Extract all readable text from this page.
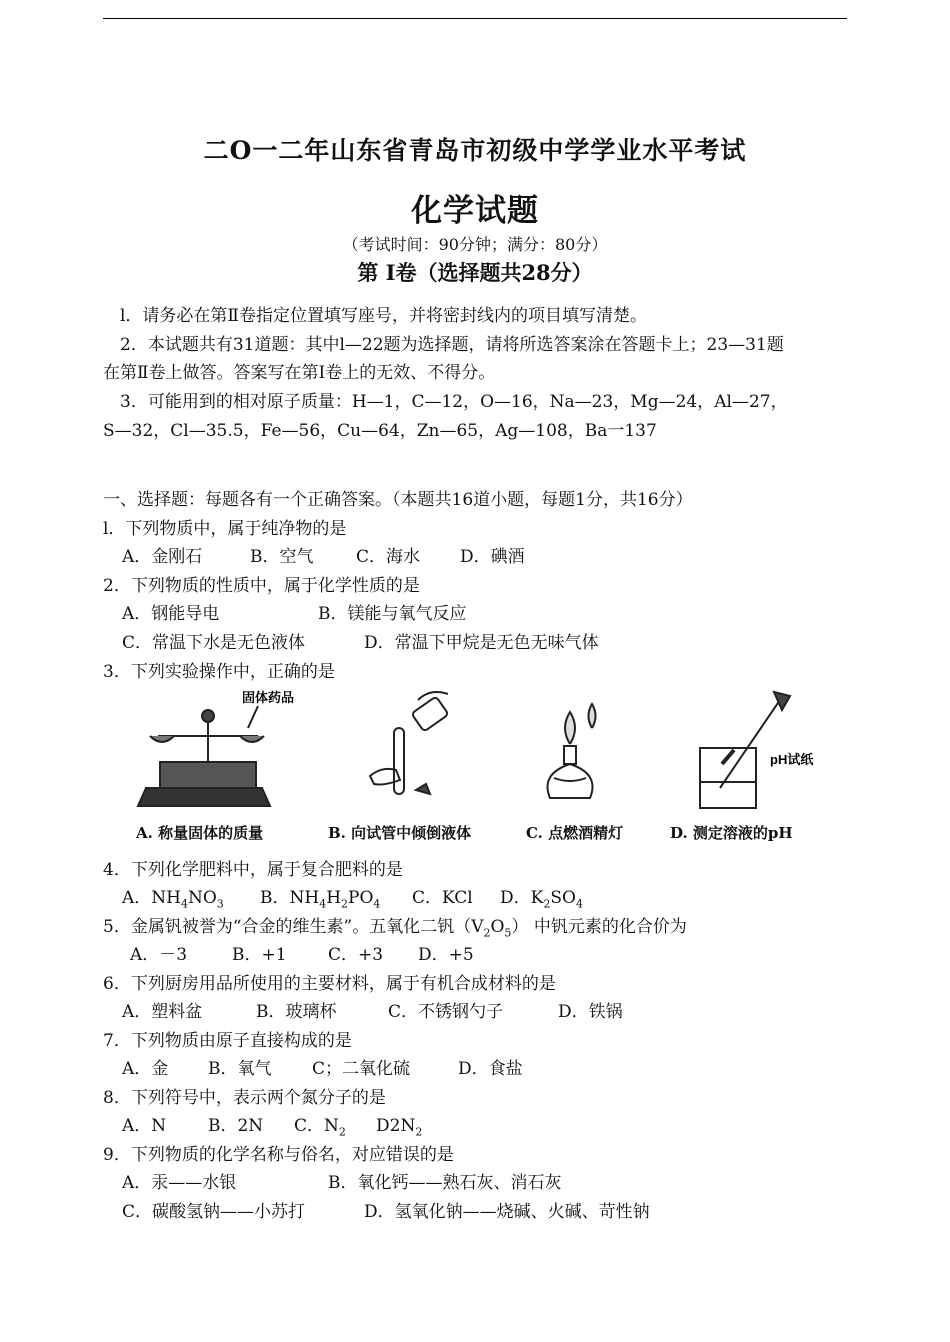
二O一二年山东省青岛市初级中学学业水平考试
化学试题
（考试时间：90分钟；满分：80分）
第 Ⅰ卷（选择题共28分）
l．请务必在第Ⅱ卷指定位置填写座号，并将密封线内的项目填写清楚。
2．本试题共有31道题：其中l—22题为选择题，请将所选答案涂在答题卡上；23—31题
在第Ⅱ卷上做答。答案写在第Ⅰ卷上的无效、不得分。
3．可能用到的相对原子质量：H—1，C—12，O—16，Na—23，Mg—24，Al—27，
S—32，Cl—35.5，Fe—56，Cu—64，Zn—65，Ag—108，Ba一137
一、选择题：每题各有一个正确答案。（本题共16道小题，每题1分，共16分）
l．下列物质中，属于纯净物的是
A．金刚石	B．空气	C．海水 D．碘酒
2．下列物质的性质中，属于化学性质的是
A．钢能导电	B．镁能与氧气反应
C．常温下水是无色液体	D．常温下甲烷是无色无味气体
3．下列实验操作中，正确的是
固体药品
pH试纸
A. 称量固体的质量	B. 向试管中倾倒液体	C. 点燃酒精灯	D. 测定溶液的pH
4．下列化学肥料中，属于复合肥料的是
A．$NH_4NO_3$ B．$NH_4H_2PO_4$ C．KCl D．$K_2SO_4$
5．金属钒被誉为“合金的维生素”。五氧化二钒$(V_2O_5)$ 中钒元素的化合价为
A．－3	B．+1 C．+3 D．+5
6．下列厨房用品所使用的主要材料，属于有机合成材料的是
A．塑料盆	B．玻璃杯	C．不锈钢勺子	D．铁锅
7．下列物质由原子直接构成的是
A．金 B．氧气 C；二氧化硫	D．食盐
8．下列符号中，表示两个氮分子的是
A．N B．2N C．$N_2$ $D2N_2$
9．下列物质的化学名称与俗名，对应错误的是
A．汞——水银	B．氧化钙——熟石灰、消石灰
C．碳酸氢钠——小苏打	D．氢氧化钠——烧碱、火碱、苛性钠
